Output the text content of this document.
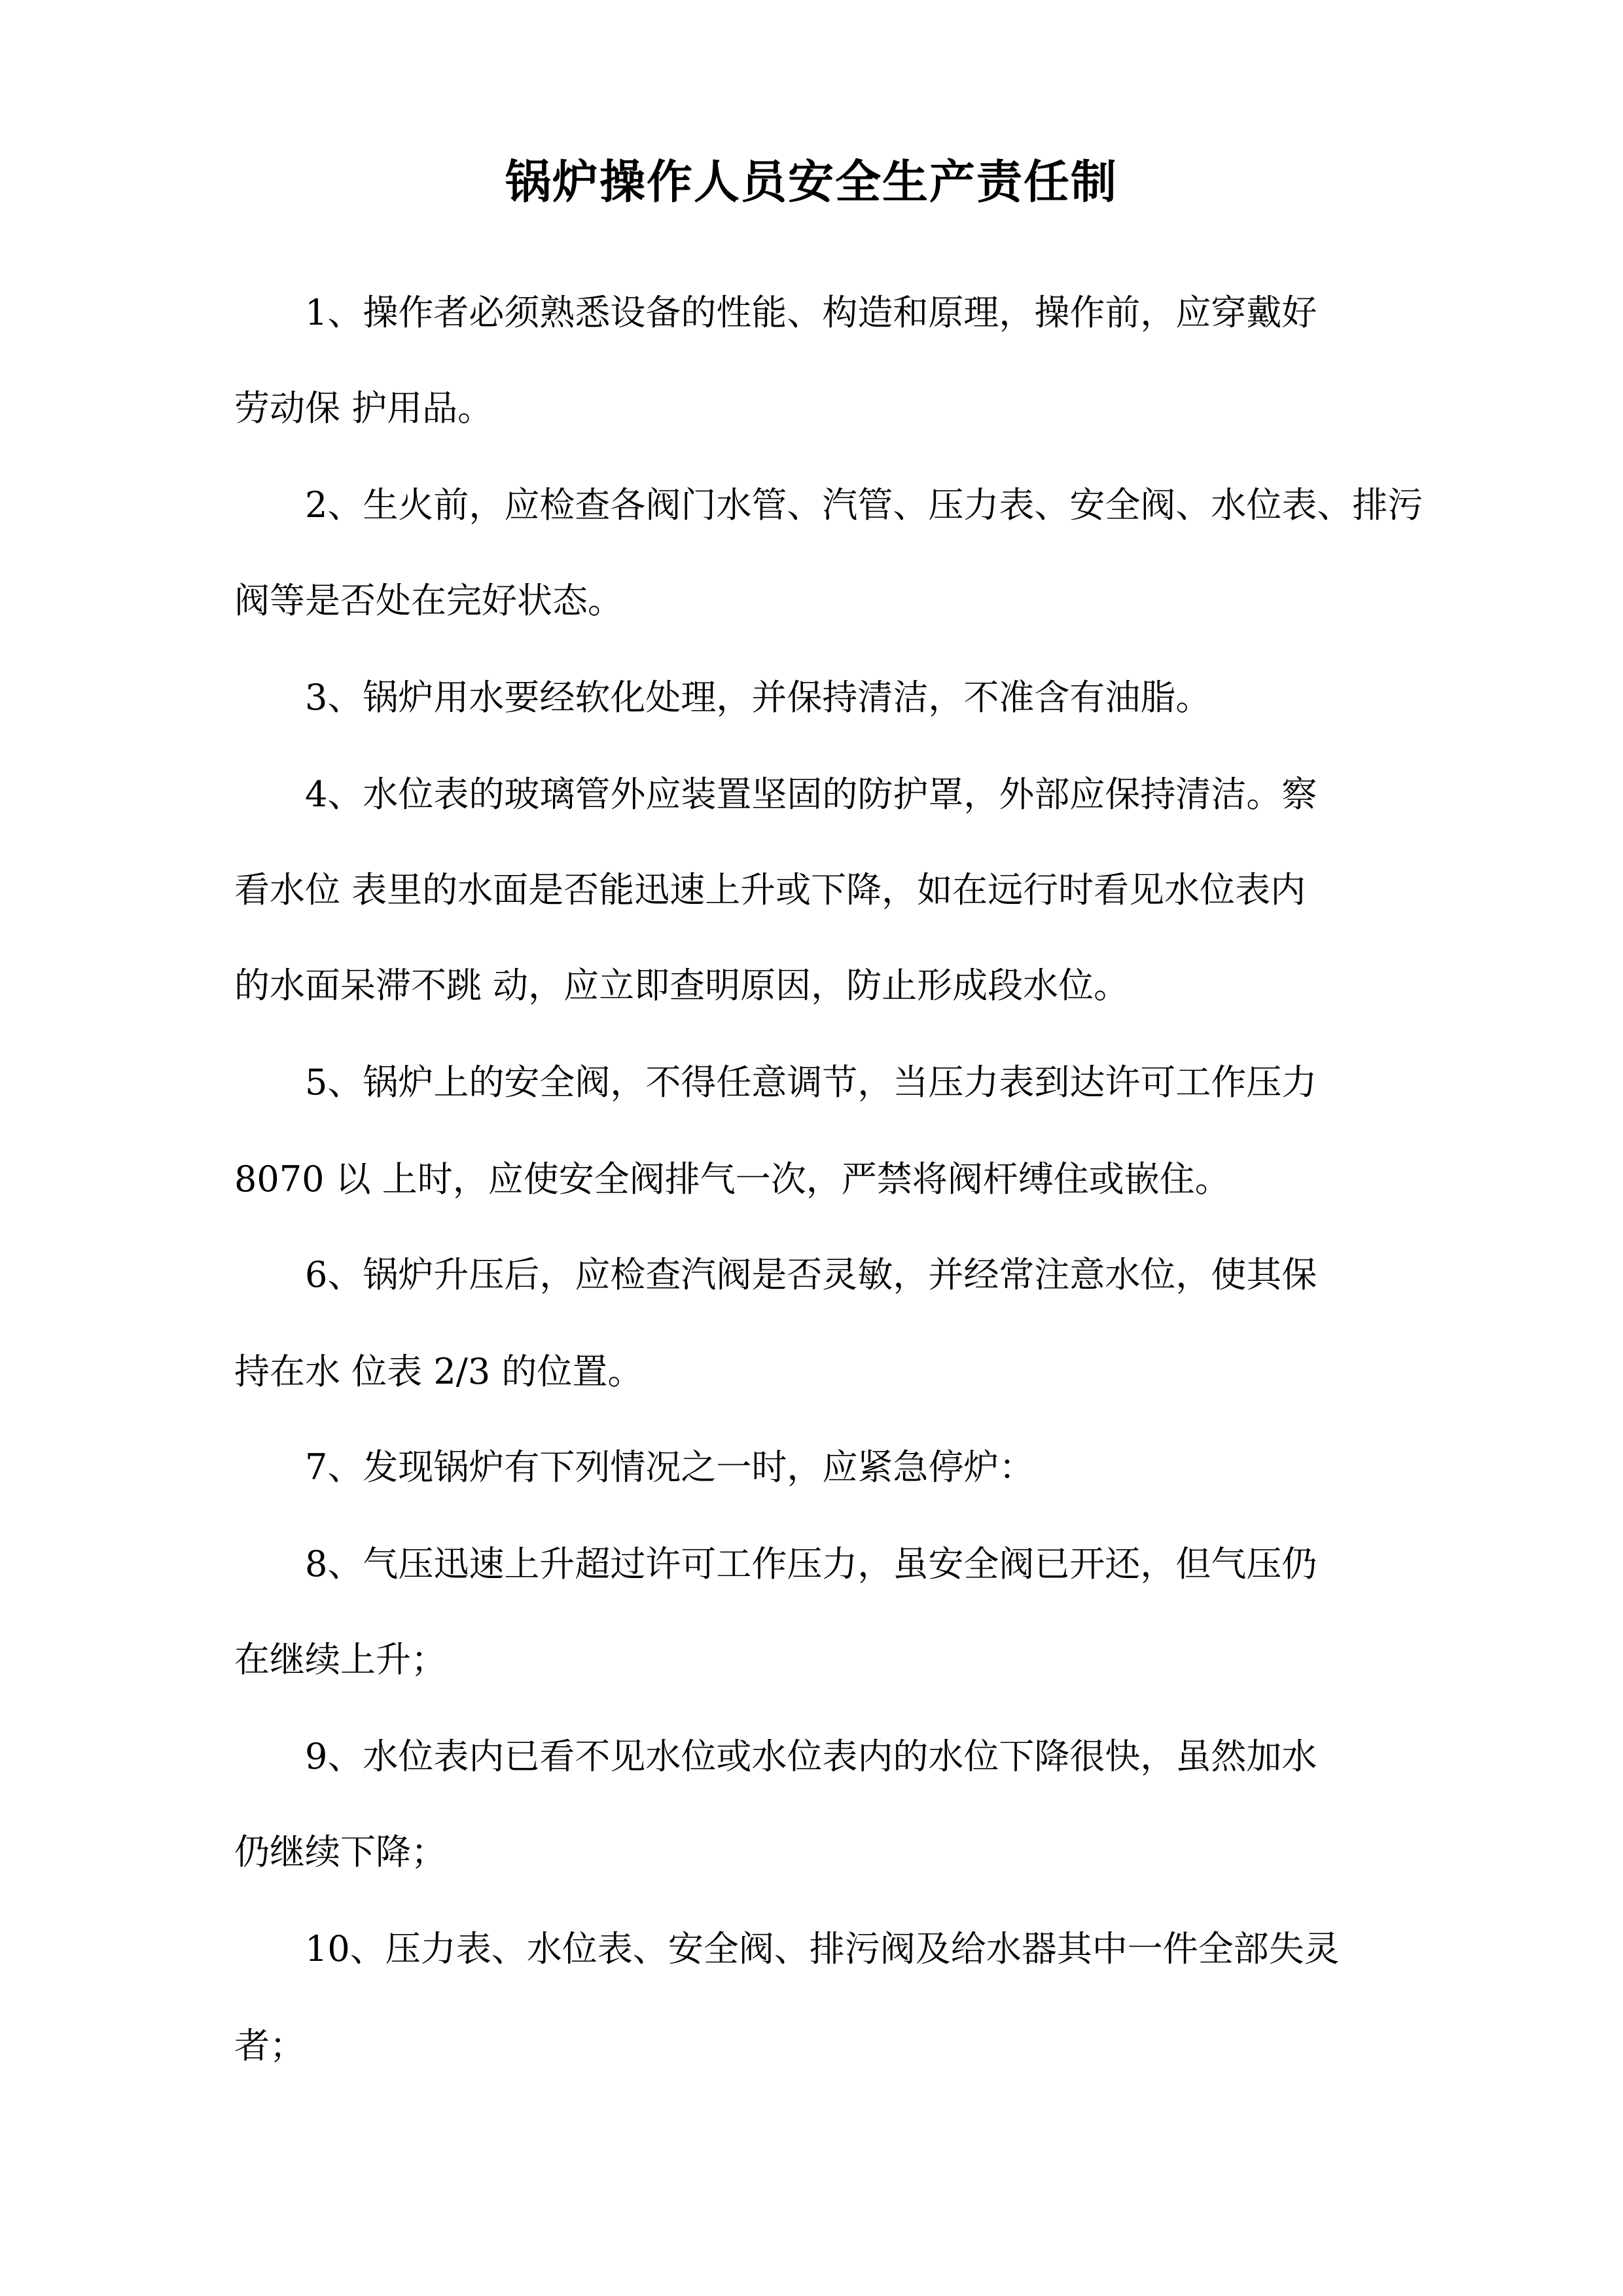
锅炉操作人员安全生产责任制
1、操作者必须熟悉设备的性能、构造和原理，操作前，应穿戴好
劳动保 护用品。
2、生火前，应检查各阀门水管、汽管、压力表、安全阀、水位表、排污
阀等是否处在完好状态。
3、锅炉用水要经软化处理，并保持清洁，不准含有油脂。
4、水位表的玻璃管外应装置坚固的防护罩，外部应保持清洁。察
看水位 表里的水面是否能迅速上升或下降，如在远行时看见水位表内
的水面呆滞不跳 动，应立即查明原因，防止形成段水位。
5、锅炉上的安全阀，不得任意调节，当压力表到达许可工作压力
8070 以 上时，应使安全阀排气一次，严禁将阀杆缚住或嵌住。
6、锅炉升压后，应检查汽阀是否灵敏，并经常注意水位，使其保
持在水 位表 2/3 的位置。
7、发现锅炉有下列情况之一时，应紧急停炉：
8、气压迅速上升超过许可工作压力，虽安全阀已开还，但气压仍
在继续上升；
9、水位表内已看不见水位或水位表内的水位下降很快，虽然加水
仍继续下降；
10、压力表、水位表、安全阀、排污阀及给水器其中一件全部失灵
者；
